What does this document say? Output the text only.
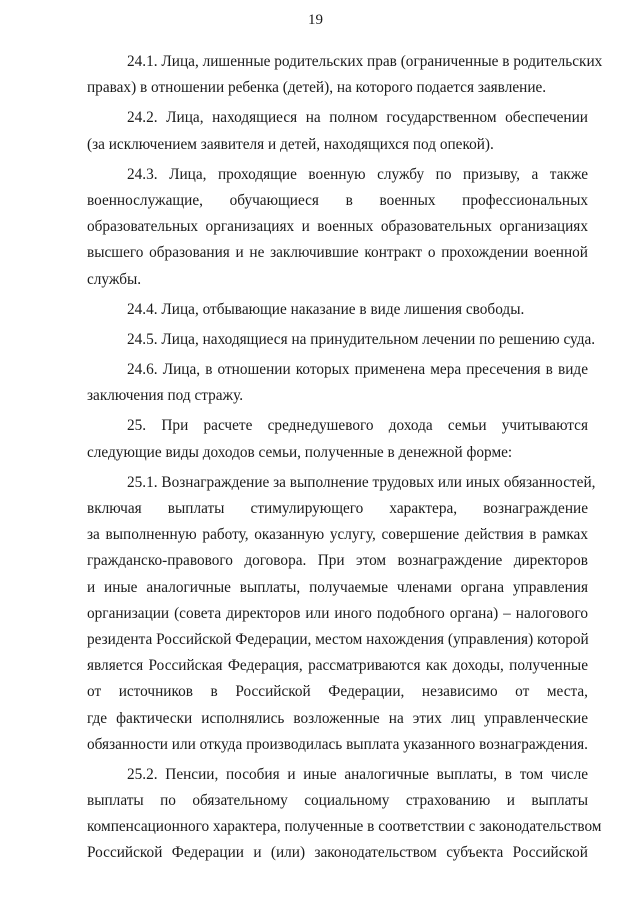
19
24.1. Лица, лишенные родительских прав (ограниченные в родительских
правах) в отношении ребенка (детей), на которого подается заявление.
24.2. Лица, находящиеся на полном государственном обеспечении
(за исключением заявителя и детей, находящихся под опекой).
24.3. Лица, проходящие военную службу по призыву, а также
военнослужащие, обучающиеся в военных профессиональных
образовательных организациях и военных образовательных организациях
высшего образования и не заключившие контракт о прохождении военной
службы.
24.4. Лица, отбывающие наказание в виде лишения свободы.
24.5. Лица, находящиеся на принудительном лечении по решению суда.
24.6. Лица, в отношении которых применена мера пресечения в виде
заключения под стражу.
25. При расчете среднедушевого дохода семьи учитываются
следующие виды доходов семьи, полученные в денежной форме:
25.1. Вознаграждение за выполнение трудовых или иных обязанностей,
включая выплаты стимулирующего характера, вознаграждение
за выполненную работу, оказанную услугу, совершение действия в рамках
гражданско-правового договора. При этом вознаграждение директоров
и иные аналогичные выплаты, получаемые членами органа управления
организации (совета директоров или иного подобного органа) – налогового
резидента Российской Федерации, местом нахождения (управления) которой
является Российская Федерация, рассматриваются как доходы, полученные
от источников в Российской Федерации, независимо от места,
где фактически исполнялись возложенные на этих лиц управленческие
обязанности или откуда производилась выплата указанного вознаграждения.
25.2. Пенсии, пособия и иные аналогичные выплаты, в том числе
выплаты по обязательному социальному страхованию и выплаты
компенсационного характера, полученные в соответствии с законодательством
Российской Федерации и (или) законодательством субъекта Российской
